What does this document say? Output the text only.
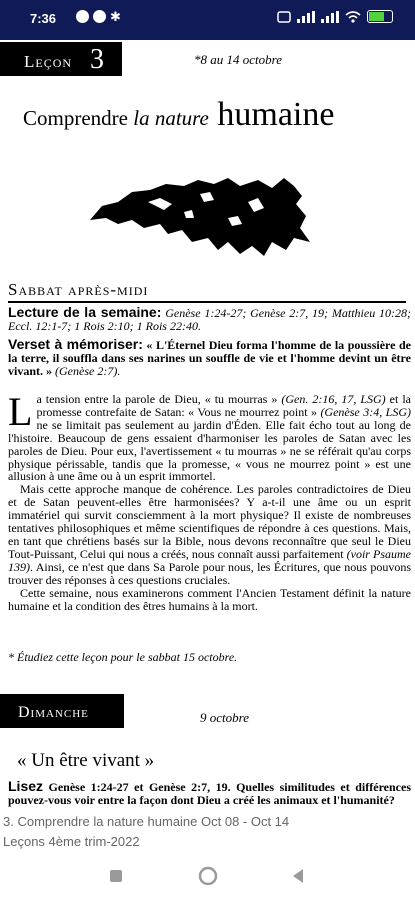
7:36	✱
Leçon 3	*8 au 14 octobre
Comprendre la nature humaine
Sabbat après-midi
Lecture de la semaine: Genèse 1:24-27; Genèse 2:7, 19; Matthieu 10:28; Eccl. 12:1-7; 1 Rois 2:10; 1 Rois 22:40.
Verset à mémoriser: « L'Éternel Dieu forma l'homme de la poussière de la terre, il souffla dans ses narines un souffle de vie et l'homme devint un être vivant. » (Genèse 2:7).

La tension entre la parole de Dieu, « tu mourras » (Gen. 2:16, 17, LSG) et la promesse contrefaite de Satan: « Vous ne mourrez point » (Genèse 3:4, LSG) ne se limitait pas seulement au jardin d'Éden. Elle fait écho tout au long de l'histoire. Beaucoup de gens essaient d'harmoniser les paroles de Satan avec les paroles de Dieu. Pour eux, l'avertissement « tu mourras » ne se référait qu'au corps physique périssable, tandis que la promesse, « vous ne mourrez point » est une allusion à une âme ou à un esprit immortel.

Mais cette approche manque de cohérence. Les paroles contradictoires de Dieu et de Satan peuvent-elles être harmonisées? Y a-t-il une âme ou un esprit immatériel qui survit consciemment à la mort physique? Il existe de nombreuses tentatives philosophiques et même scientifiques de répondre à ces questions. Mais, en tant que chrétiens basés sur la Bible, nous devons reconnaître que seul le Dieu Tout-Puissant, Celui qui nous a créés, nous connaît aussi parfaitement (voir Psaume 139). Ainsi, ce n'est que dans Sa Parole pour nous, les Écritures, que nous pouvons trouver des réponses à ces questions cruciales.

Cette semaine, nous examinerons comment l'Ancien Testament définit la nature humaine et la condition des êtres humains à la mort.

* Étudiez cette leçon pour le sabbat 15 octobre.
Dimanche	9 octobre
« Un être vivant »
Lisez Genèse 1:24-27 et Genèse 2:7, 19. Quelles similitudes et différences pouvez-vous voir entre la façon dont Dieu a créé les animaux et l'humanité?
3. Comprendre la nature humaine Oct 08 - Oct 14
Leçons 4ème trim-2022
